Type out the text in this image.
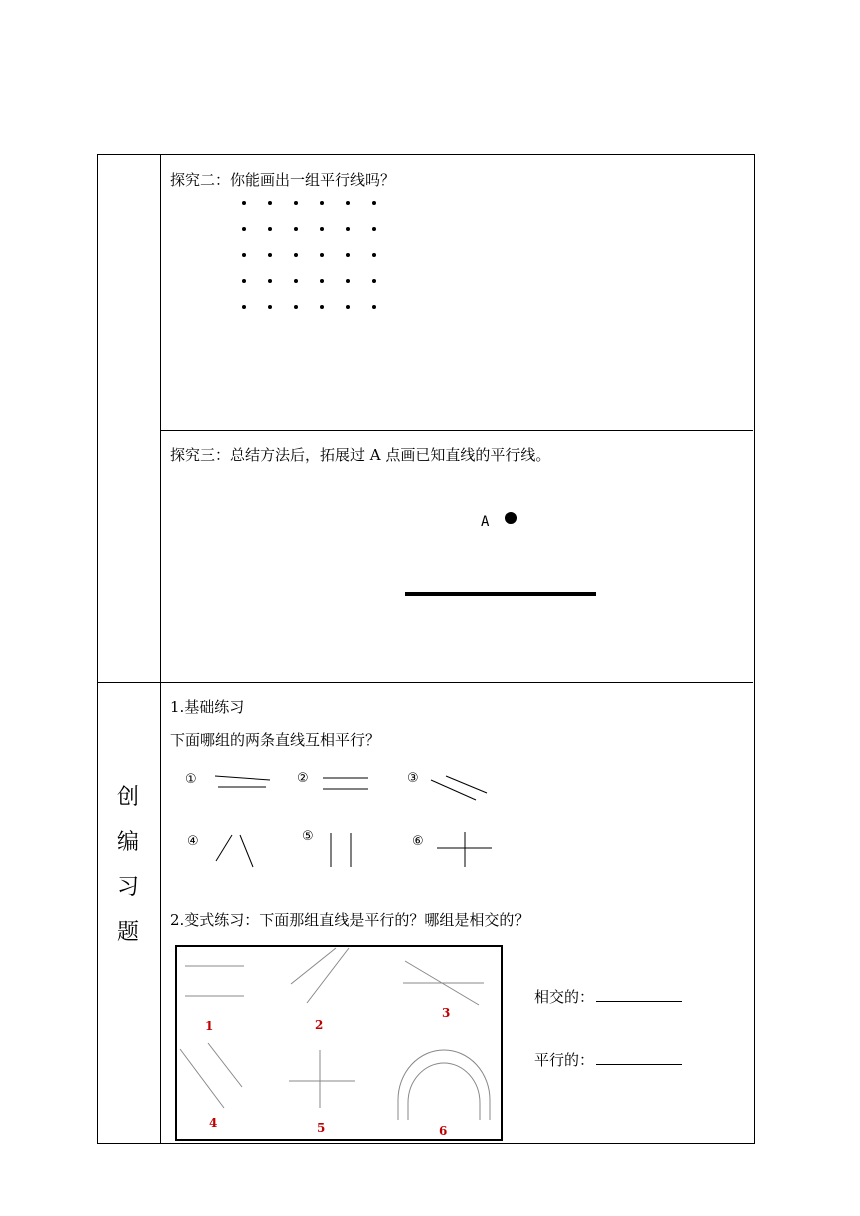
探究二：你能画出一组平行线吗？
探究三：总结方法后，拓展过 A 点画已知直线的平行线。
A
创
编
习
题
1.基础练习
下面哪组的两条直线互相平行？
①	②	③
④	⑤	⑥
2.变式练习：下面那组直线是平行的？哪组是相交的？
1	2
3
4	5	6
相交的：
平行的：
